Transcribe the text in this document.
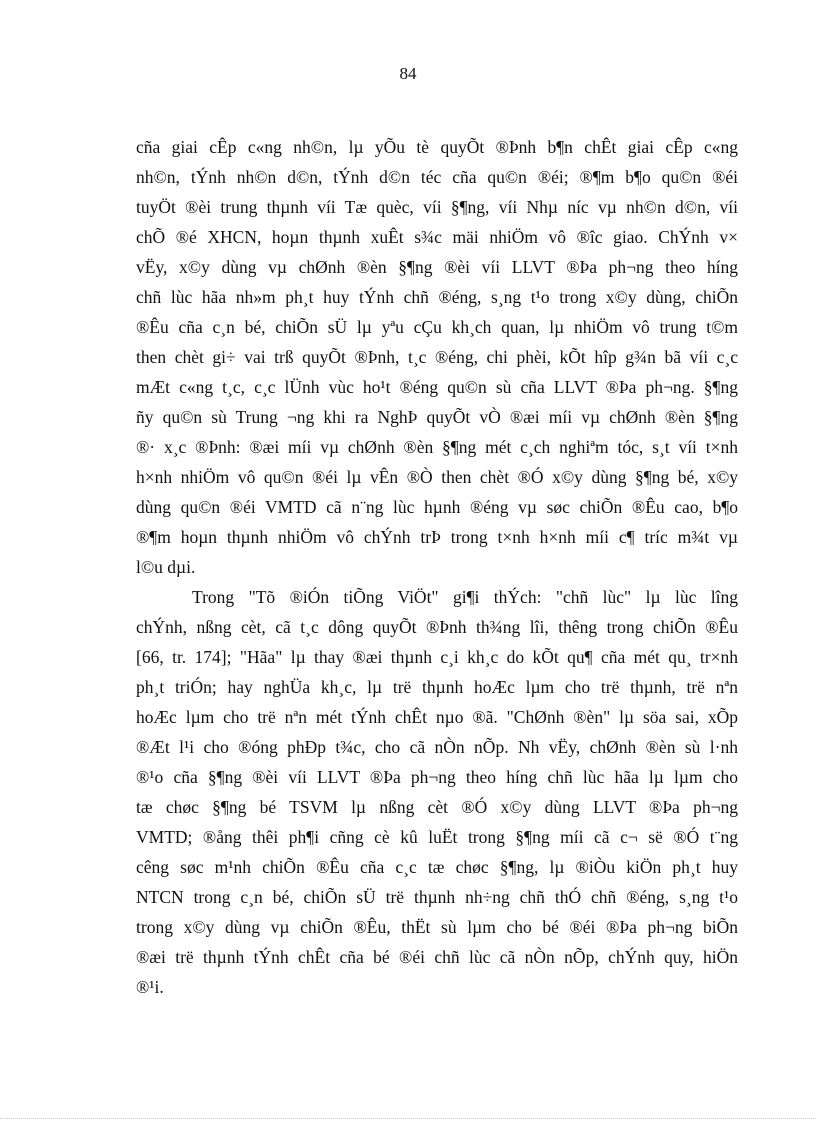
84
cña giai cÊp c«ng nh©n, lµ yÕu tè quyÕt ®Þnh b¶n chÊt giai cÊp c«ng
nh©n, tÝnh nh©n d©n, tÝnh d©n téc cña qu©n ®éi; ®¶m b¶o qu©n ®éi
tuyÖt ®èi trung thµnh víi Tæ quèc, víi §¶ng, víi Nhµ níc vµ nh©n d©n, víi
chÕ ®é XHCN, hoµn thµnh xuÊt s¾c mäi nhiÖm vô ®îc giao. ChÝnh v×
vËy, x©y dùng vµ chØnh ®èn §¶ng ®èi víi LLVT ®Þa ph¬ng theo híng
chñ lùc hãa nh»m ph¸t huy tÝnh chñ ®éng, s¸ng t¹o trong x©y dùng, chiÕn
®Êu cña c¸n bé, chiÕn sÜ lµ yªu cÇu kh¸ch quan, lµ nhiÖm vô trung t©m
then chèt gi÷ vai trß quyÕt ®Þnh, t¸c ®éng, chi phèi, kÕt hîp g¾n bã víi c¸c
mÆt c«ng t¸c, c¸c lÜnh vùc ho¹t ®éng qu©n sù cña LLVT ®Þa ph¬ng. §¶ng
ñy qu©n sù Trung ¬ng khi ra NghÞ quyÕt vÒ ®æi míi vµ chØnh ®èn §¶ng
®· x¸c ®Þnh: ®æi míi vµ chØnh ®èn §¶ng mét c¸ch nghiªm tóc, s¸t víi t×nh
h×nh nhiÖm vô qu©n ®éi lµ vÊn ®Ò then chèt ®Ó x©y dùng §¶ng bé, x©y
dùng qu©n ®éi VMTD cã n¨ng lùc hµnh ®éng vµ søc chiÕn ®Êu cao, b¶o
®¶m hoµn thµnh nhiÖm vô chÝnh trÞ trong t×nh h×nh míi c¶ tríc m¾t vµ
l©u dµi.
Trong "Tõ ®iÓn tiÕng ViÖt" gi¶i thÝch: "chñ lùc" lµ lùc lîng
chÝnh, nßng cèt, cã t¸c dông quyÕt ®Þnh th¾ng lîi, thêng trong chiÕn ®Êu
[66, tr. 174]; "Hãa" lµ thay ®æi thµnh c¸i kh¸c do kÕt qu¶ cña mét qu¸ tr×nh
ph¸t triÓn; hay nghÜa kh¸c, lµ trë thµnh hoÆc lµm cho trë thµnh, trë nªn
hoÆc lµm cho trë nªn mét tÝnh chÊt nµo ®ã. "ChØnh ®èn" lµ söa sai, xÕp
®Æt l¹i cho ®óng phÐp t¾c, cho cã nÒn nÕp. Nh vËy, chØnh ®èn sù l·nh
®¹o cña §¶ng ®èi víi LLVT ®Þa ph¬ng theo híng chñ lùc hãa lµ lµm cho
tæ chøc §¶ng bé TSVM lµ nßng cèt ®Ó x©y dùng LLVT ®Þa ph¬ng
VMTD; ®ång thêi ph¶i cñng cè kû luËt trong §¶ng míi cã c¬ së ®Ó t¨ng
cêng søc m¹nh chiÕn ®Êu cña c¸c tæ chøc §¶ng, lµ ®iÒu kiÖn ph¸t huy
NTCN trong c¸n bé, chiÕn sÜ trë thµnh nh÷ng chñ thÓ chñ ®éng, s¸ng t¹o
trong x©y dùng vµ chiÕn ®Êu, thËt sù lµm cho bé ®éi ®Þa ph¬ng biÕn
®æi trë thµnh tÝnh chÊt cña bé ®éi chñ lùc cã nÒn nÕp, chÝnh quy, hiÖn
®¹i.
